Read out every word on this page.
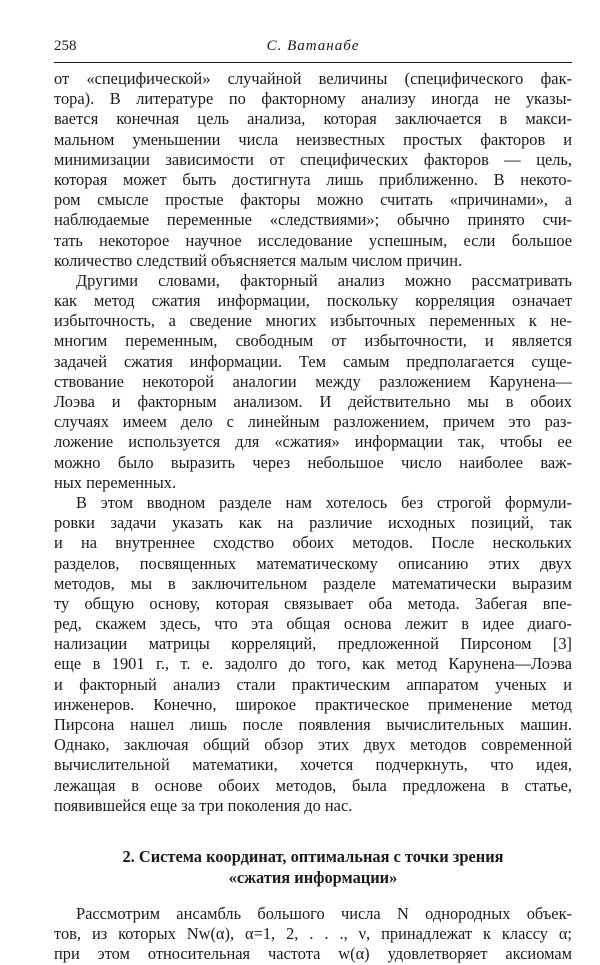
258	С. Ватанабе
от «специфической» случайной величины (специфического фак-
тора). В литературе по факторному анализу иногда не указы-
вается конечная цель анализа, которая заключается в макси-
мальном уменьшении числа неизвестных простых факторов и
минимизации зависимости от специфических факторов — цель,
которая может быть достигнута лишь приближенно. В некото-
ром смысле простые факторы можно считать «причинами», а
наблюдаемые переменные «следствиями»; обычно принято счи-
тать некоторое научное исследование успешным, если большое
количество следствий объясняется малым числом причин.
Другими словами, факторный анализ можно рассматривать
как метод сжатия информации, поскольку корреляция означает
избыточность, а сведение многих избыточных переменных к не-
многим переменным, свободным от избыточности, и является
задачей сжатия информации. Тем самым предполагается суще-
ствование некоторой аналогии между разложением Карунена—
Лоэва и факторным анализом. И действительно мы в обоих
случаях имеем дело с линейным разложением, причем это раз-
ложение используется для «сжатия» информации так, чтобы ее
можно было выразить через небольшое число наиболее важ-
ных переменных.
В этом вводном разделе нам хотелось без строгой формули-
ровки задачи указать как на различие исходных позиций, так
и на внутреннее сходство обоих методов. После нескольких
разделов, посвященных математическому описанию этих двух
методов, мы в заключительном разделе математически выразим
ту общую основу, которая связывает оба метода. Забегая впе-
ред, скажем здесь, что эта общая основа лежит в идее диаго-
нализации матрицы корреляций, предложенной Пирсоном [3]
еще в 1901 г., т. е. задолго до того, как метод Карунена—Лоэва
и факторный анализ стали практическим аппаратом ученых и
инженеров. Конечно, широкое практическое применение метод
Пирсона нашел лишь после появления вычислительных машин.
Однако, заключая общий обзор этих двух методов современной
вычислительной математики, хочется подчеркнуть, что идея,
лежащая в основе обоих методов, была предложена в статье,
появившейся еще за три поколения до нас.
2. Система координат, оптимальная с точки зрения
«сжатия информации»
Рассмотрим ансамбль большого числа N однородных объек-
тов, из которых Nw(α), α=1, 2, . . ., ν, принадлежат к классу α;
при этом относительная частота w(α) удовлетворяет аксиомам
